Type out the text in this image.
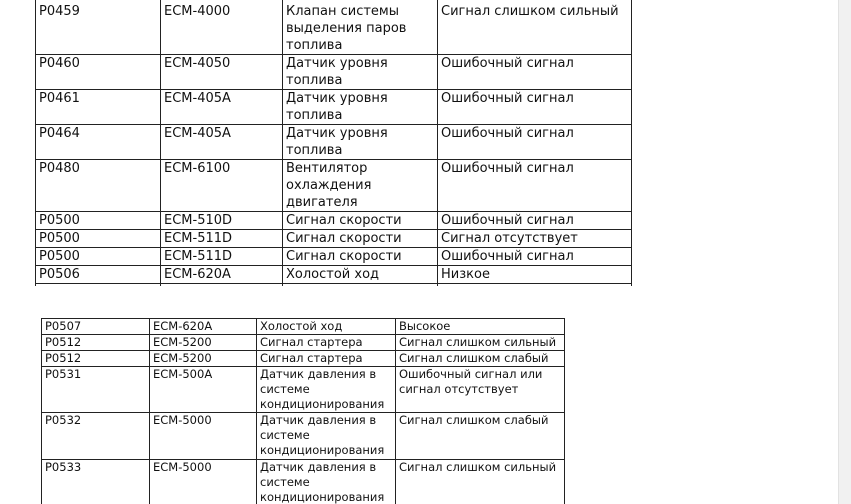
P0459	ECM-4000	Клапан системы выделения паров топлива	Сигнал слишком сильный
P0460	ECM-4050	Датчик уровня топлива	Ошибочный сигнал
P0461	ECM-405A	Датчик уровня топлива	Ошибочный сигнал
P0464	ECM-405A	Датчик уровня топлива	Ошибочный сигнал
P0480	ECM-6100	Вентилятор охлаждения двигателя	Ошибочный сигнал
P0500	ECM-510D	Сигнал скорости	Ошибочный сигнал
P0500	ECM-511D	Сигнал скорости	Сигнал отсутствует
P0500	ECM-511D	Сигнал скорости	Ошибочный сигнал
P0506	ECM-620A	Холостой ход	Низкое
P0507	ECM-620A	Холостой ход	Высокое
P0512	ECM-5200	Сигнал стартера	Сигнал слишком сильный
P0512	ECM-5200	Сигнал стартера	Сигнал слишком слабый
P0531	ECM-500A	Датчик давления в системе кондиционирования	Ошибочный сигнал или сигнал отсутствует
P0532	ECM-5000	Датчик давления в системе кондиционирования	Сигнал слишком слабый
P0533	ECM-5000	Датчик давления в системе кондиционирования	Сигнал слишком сильный
